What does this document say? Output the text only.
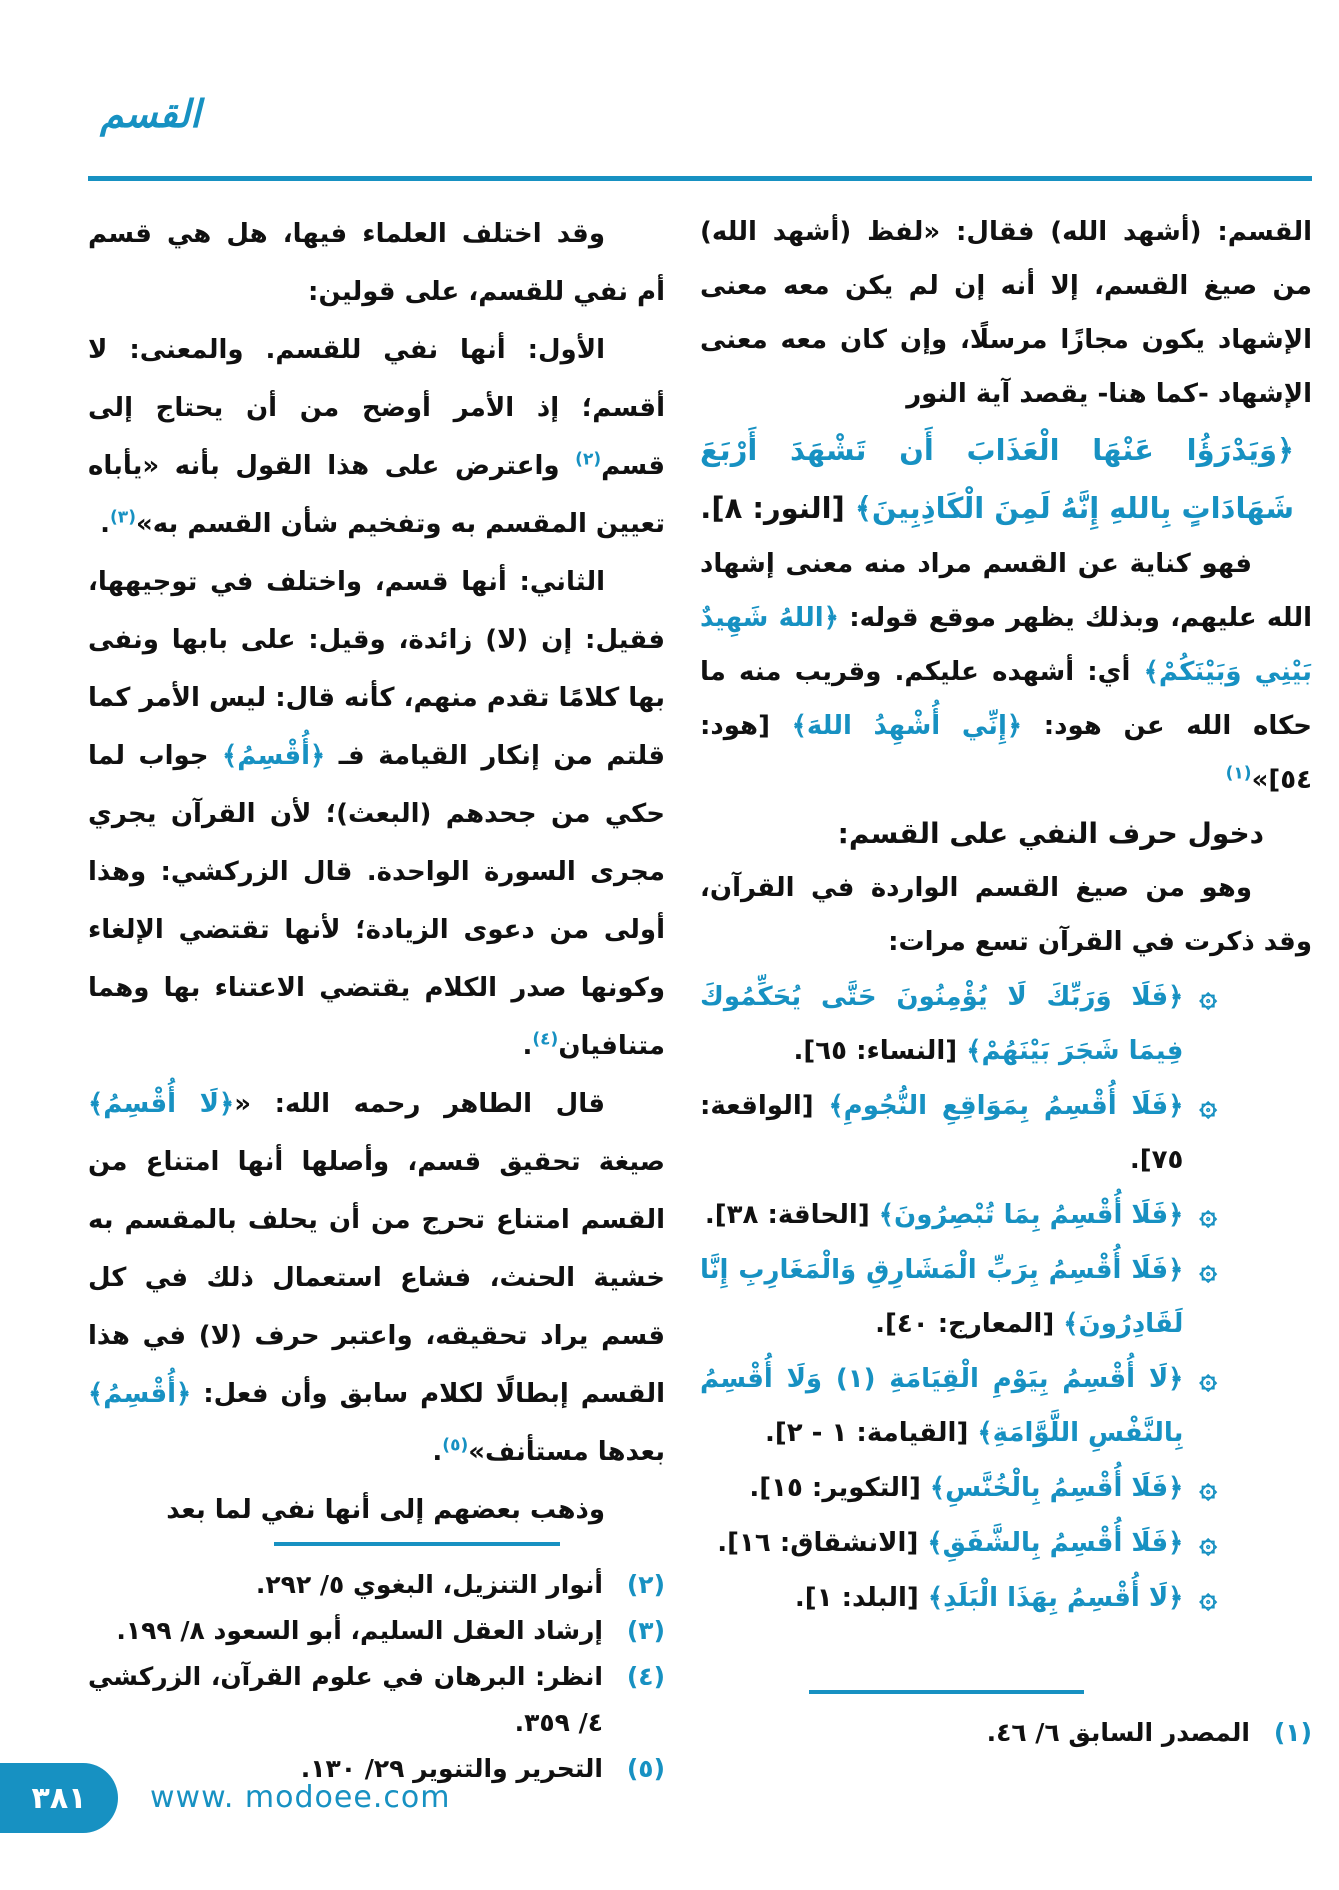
القسم

القسم: (أشهد الله) فقال: «لفظ (أشهد الله) من صيغ القسم، إلا أنه إن لم يكن معه معنى الإشهاد يكون مجازًا مرسلًا، وإن كان معه معنى الإشهاد -كما هنا- يقصد آية النور

﴿وَيَدْرَؤُا عَنْهَا الْعَذَابَ أَن تَشْهَدَ أَرْبَعَ شَهَادَاتٍ بِاللهِ إِنَّهُ لَمِنَ الْكَاذِبِينَ﴾ [النور: ٨].

فهو كناية عن القسم مراد منه معنى إشهاد الله عليهم، وبذلك يظهر موقع قوله: ﴿اللهُ شَهِيدٌ بَيْنِي وَبَيْنَكُمْ﴾ أي: أشهده عليكم. وقريب منه ما حكاه الله عن هود: ﴿إِنِّي أُشْهِدُ اللهَ﴾ [هود: ٥٤]»$^{(١)}$

دخول حرف النفي على القسم:

وهو من صيغ القسم الواردة في القرآن، وقد ذكرت في القرآن تسع مرات:

۞
﴿فَلَا وَرَبِّكَ لَا يُؤْمِنُونَ حَتَّى يُحَكِّمُوكَ فِيمَا شَجَرَ بَيْنَهُمْ﴾ [النساء: ٦٥].
۞
﴿فَلَا أُقْسِمُ بِمَوَاقِعِ النُّجُومِ﴾ [الواقعة: ٧٥].
۞
﴿فَلَا أُقْسِمُ بِمَا تُبْصِرُونَ﴾ [الحاقة: ٣٨].
۞
﴿فَلَا أُقْسِمُ بِرَبِّ الْمَشَارِقِ وَالْمَغَارِبِ إِنَّا لَقَادِرُونَ﴾ [المعارج: ٤٠].
۞
﴿لَا أُقْسِمُ بِيَوْمِ الْقِيَامَةِ (١) وَلَا أُقْسِمُ بِالنَّفْسِ اللَّوَّامَةِ﴾ [القيامة: ١ - ٢].
۞
﴿فَلَا أُقْسِمُ بِالْخُنَّسِ﴾ [التكوير: ١٥].
۞
﴿فَلَا أُقْسِمُ بِالشَّفَقِ﴾ [الانشقاق: ١٦].
۞
﴿لَا أُقْسِمُ بِهَذَا الْبَلَدِ﴾ [البلد: ١].
(١)
المصدر السابق ٦/ ٤٦.

وقد اختلف العلماء فيها، هل هي قسم أم نفي للقسم، على قولين:

الأول: أنها نفي للقسم. والمعنى: لا أقسم؛ إذ الأمر أوضح من أن يحتاج إلى قسم$^{(٢)}$ واعترض على هذا القول بأنه «يأباه تعيين المقسم به وتفخيم شأن القسم به»$^{(٣)}$.

الثاني: أنها قسم، واختلف في توجيهها، فقيل: إن (لا) زائدة، وقيل: على بابها ونفى بها كلامًا تقدم منهم، كأنه قال: ليس الأمر كما قلتم من إنكار القيامة فـ ﴿أُقْسِمُ﴾ جواب لما حكي من جحدهم (البعث)؛ لأن القرآن يجري مجرى السورة الواحدة. قال الزركشي: وهذا أولى من دعوى الزيادة؛ لأنها تقتضي الإلغاء وكونها صدر الكلام يقتضي الاعتناء بها وهما متنافيان$^{(٤)}$.

قال الطاهر رحمه الله: «﴿لَا أُقْسِمُ﴾ صيغة تحقيق قسم، وأصلها أنها امتناع من القسم امتناع تحرج من أن يحلف بالمقسم به خشية الحنث، فشاع استعمال ذلك في كل قسم يراد تحقيقه، واعتبر حرف (لا) في هذا القسم إبطالًا لكلام سابق وأن فعل: ﴿أُقْسِمُ﴾ بعدها مستأنف»$^{(٥)}$.

وذهب بعضهم إلى أنها نفي لما بعد

(٢)
أنوار التنزيل، البغوي ٥/ ٢٩٢.
(٣)
إرشاد العقل السليم، أبو السعود ٨/ ١٩٩.
(٤)
انظر: البرهان في علوم القرآن، الزركشي ٤/ ٣٥٩.
(٥)
التحرير والتنوير ٢٩/ ١٣٠.
٣٨١ www. modoee.com
